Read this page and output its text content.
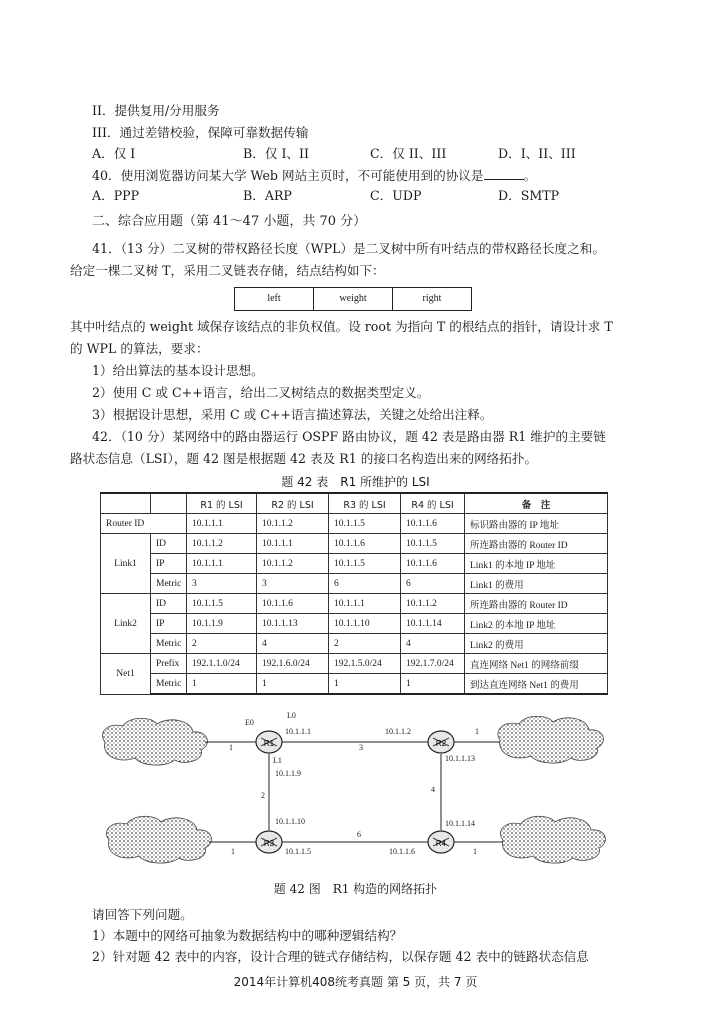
II．提供复用/分用服务
III．通过差错校验，保障可靠数据传输
A．仅 I	B．仅 I、II	C．仅 II、III	D．I、II、III
40．使用浏览器访问某大学 Web 网站主页时，不可能使用到的协议是	。
A．PPP	B．ARP	C．UDP	D．SMTP
二、综合应用题（第 41～47 小题，共 70 分）
41．（13 分）二叉树的带权路径长度（WPL）是二叉树中所有叶结点的带权路径长度之和。
给定一棵二叉树 T，采用二叉链表存储，结点结构如下：
left	weight	right
其中叶结点的 weight 域保存该结点的非负权值。设 root 为指向 T 的根结点的指针，请设计求 T
的 WPL 的算法，要求：
1）给出算法的基本设计思想。
2）使用 C 或 C++语言，给出二叉树结点的数据类型定义。
3）根据设计思想，采用 C 或 C++语言描述算法，关键之处给出注释。
42．（10 分）某网络中的路由器运行 OSPF 路由协议，题 42 表是路由器 R1 维护的主要链
路状态信息（LSI），题 42 图是根据题 42 表及 R1 的接口名构造出来的网络拓扑。
题 42 表　R1 所维护的 LSI
		R1 的 LSI	R2 的 LSI	R3 的 LSI	R4 的 LSI	备　注
Router ID		10.1.1.1	10.1.1.2	10.1.1.5	10.1.1.6	标识路由器的 IP 地址
Link1	ID	10.1.1.2	10.1.1.1	10.1.1.6	10.1.1.5	所连路由器的 Router ID
	IP	10.1.1.1	10.1.1.2	10.1.1.5	10.1.1.6	Link1 的本地 IP 地址
	Metric	3	3	6	6	Link1 的费用
Link2	ID	10.1.1.5	10.1.1.6	10.1.1.1	10.1.1.2	所连路由器的 Router ID
	IP	10.1.1.9	10.1.1.13	10.1.1.10	10.1.1.14	Link2 的本地 IP 地址
	Metric	2	4	2	4	Link2 的费用
Net1	Prefix	192.1.1.0/24	192.1.6.0/24	192.1.5.0/24	192.1.7.0/24	直连网络 Net1 的网络前缀
	Metric	1	1	1	1	到达直连网络 Net1 的费用
R1	R2
R3	R4
E0
L0
L1
10.1.1.1	10.1.1.2
10.1.1.9
10.1.1.10
10.1.1.13
10.1.1.14
10.1.1.5	10.1.1.6
3
2
4
6
1
1
1	1
题 42 图　R1 构造的网络拓扑
请回答下列问题。
1）本题中的网络可抽象为数据结构中的哪种逻辑结构？
2）针对题 42 表中的内容，设计合理的链式存储结构，以保存题 42 表中的链路状态信息
2014年计算机408统考真题 第 5 页，共 7 页
